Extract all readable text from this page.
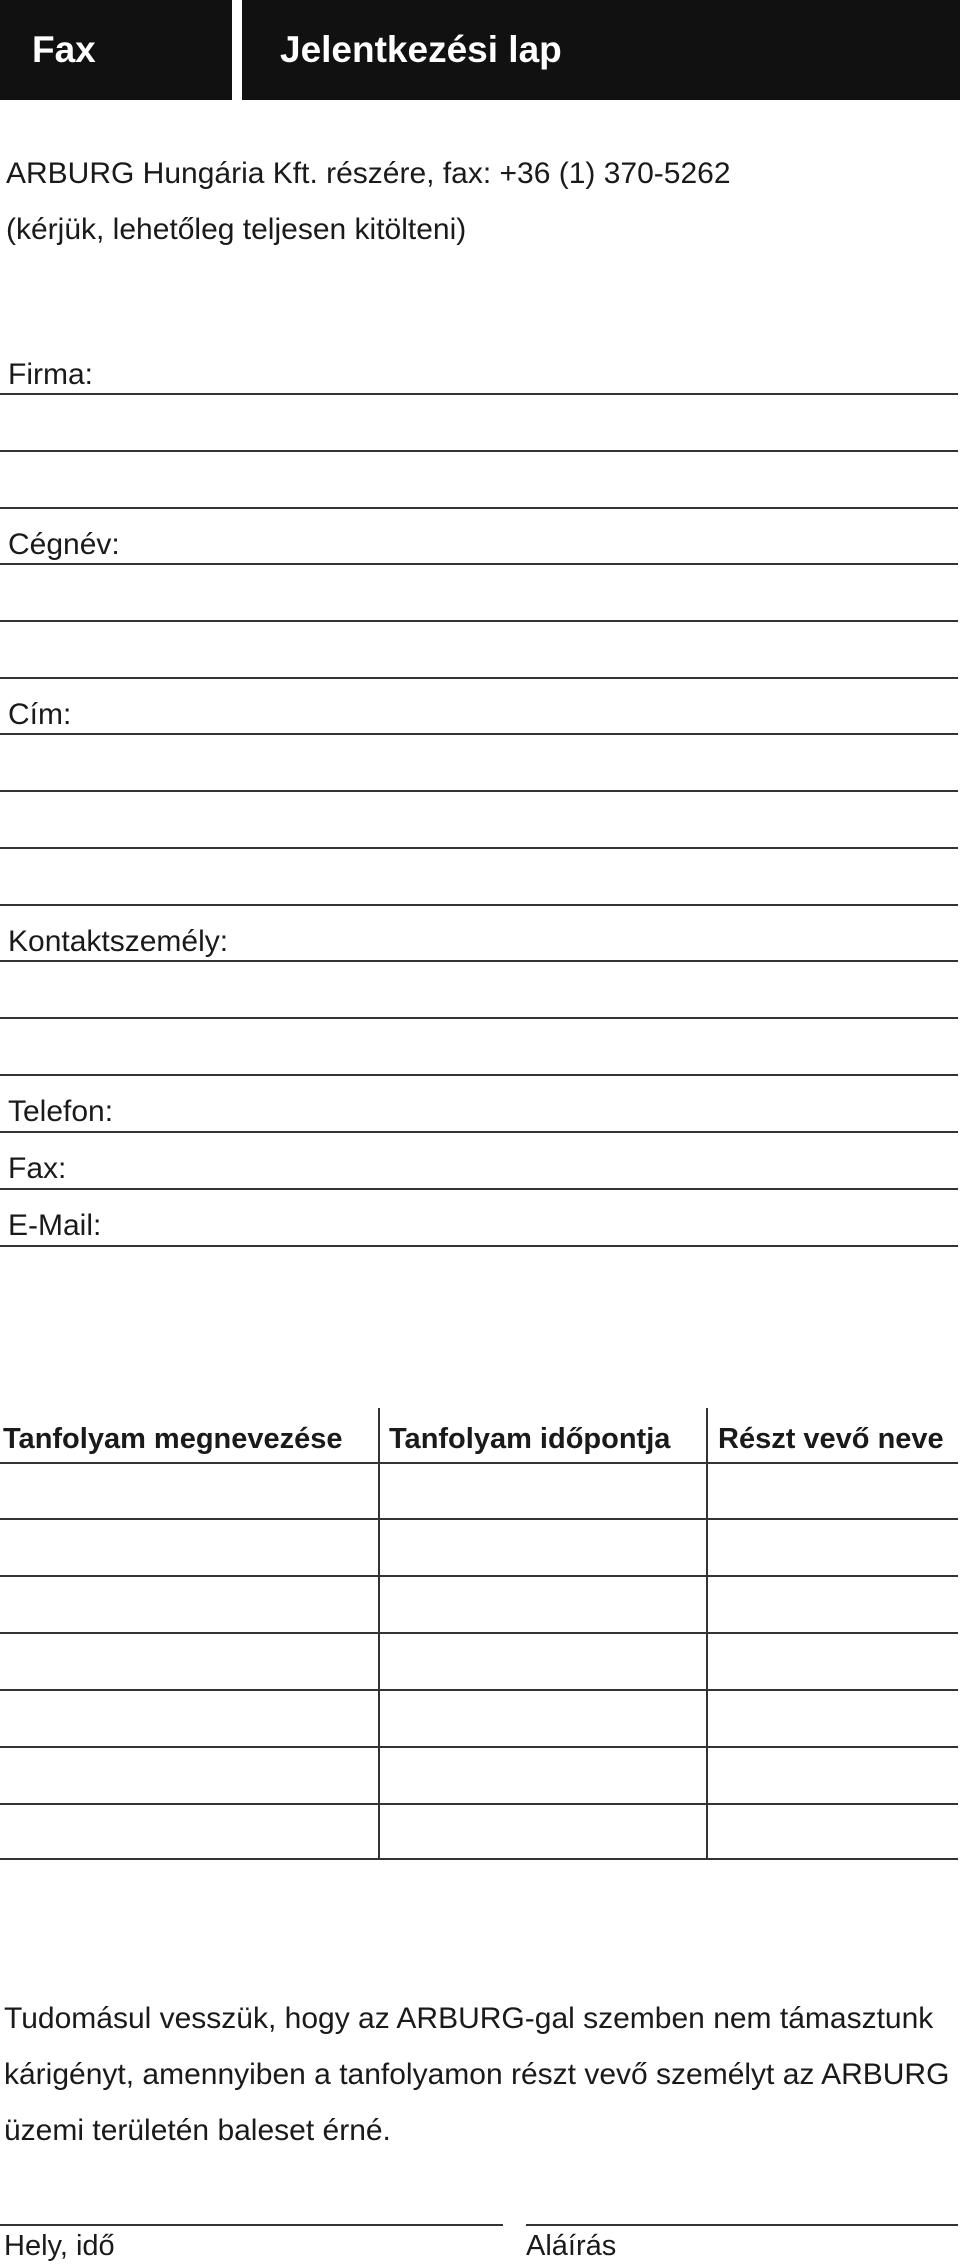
Fax	Jelentkezési lap
ARBURG Hungária Kft. részére, fax: +36 (1) 370-5262
(kérjük, lehetőleg teljesen kitölteni)
Firma:
Cégnév:
Cím:
Kontaktszemély:
Telefon:
Fax:
E-Mail:
Tanfolyam megnevezése Tanfolyam időpontja Részt vevő neve
Tudomásul vesszük, hogy az ARBURG-gal szemben nem támasztunk
kárigényt, amennyiben a tanfolyamon részt vevő személyt az ARBURG
üzemi területén baleset érné.
Hely, idő	Aláírás
